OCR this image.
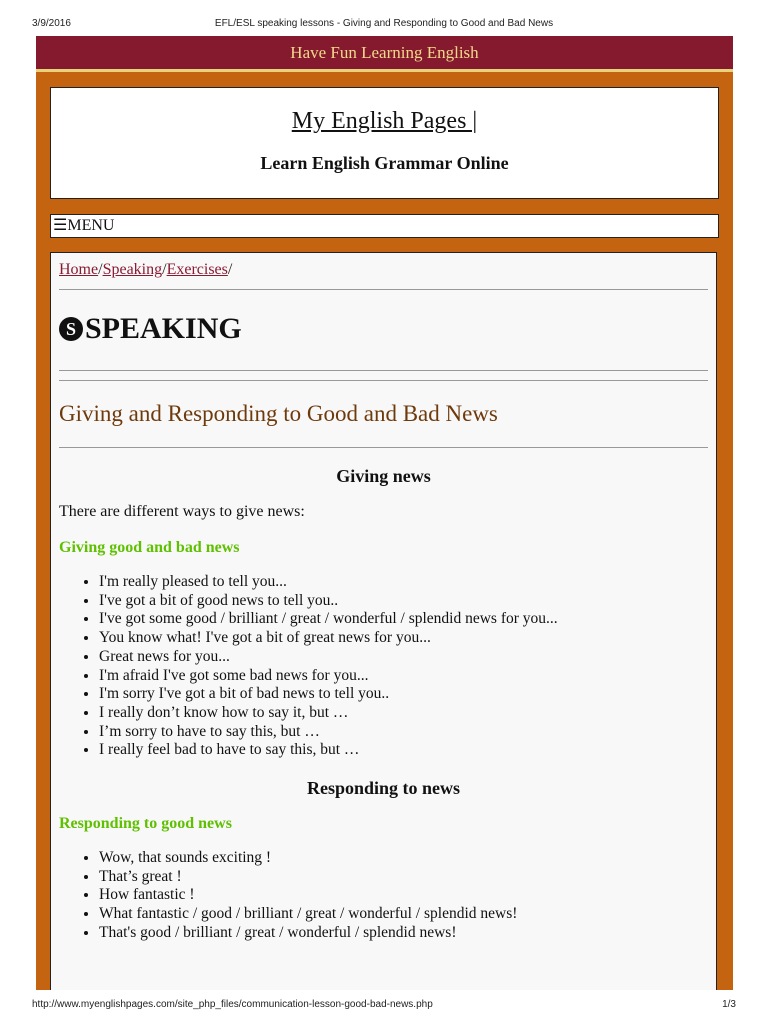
3/9/2016	EFL/ESL speaking lessons - Giving and Responding to Good and Bad News
Have Fun Learning English
My English Pages |
Learn English Grammar Online
☰MENU
Home/Speaking/Exercises/
S SPEAKING
Giving and Responding to Good and Bad News
Giving news

There are different ways to give news:

Giving good and bad news
• I'm really pleased to tell you...
• I've got a bit of good news to tell you..
• I've got some good / brilliant / great / wonderful / splendid news for you...
• You know what! I've got a bit of great news for you...
• Great news for you...
• I'm afraid I've got some bad news for you...
• I'm sorry I've got a bit of bad news to tell you..
• I really don’t know how to say it, but …
• I’m sorry to have to say this, but …
• I really feel bad to have to say this, but …
Responding to news
Responding to good news
• Wow, that sounds exciting !
• That’s great !
• How fantastic !
• What fantastic / good / brilliant / great / wonderful / splendid news!
• That's good / brilliant / great / wonderful / splendid news!
http://www.myenglishpages.com/site_php_files/communication-lesson-good-bad-news.php	1/3
